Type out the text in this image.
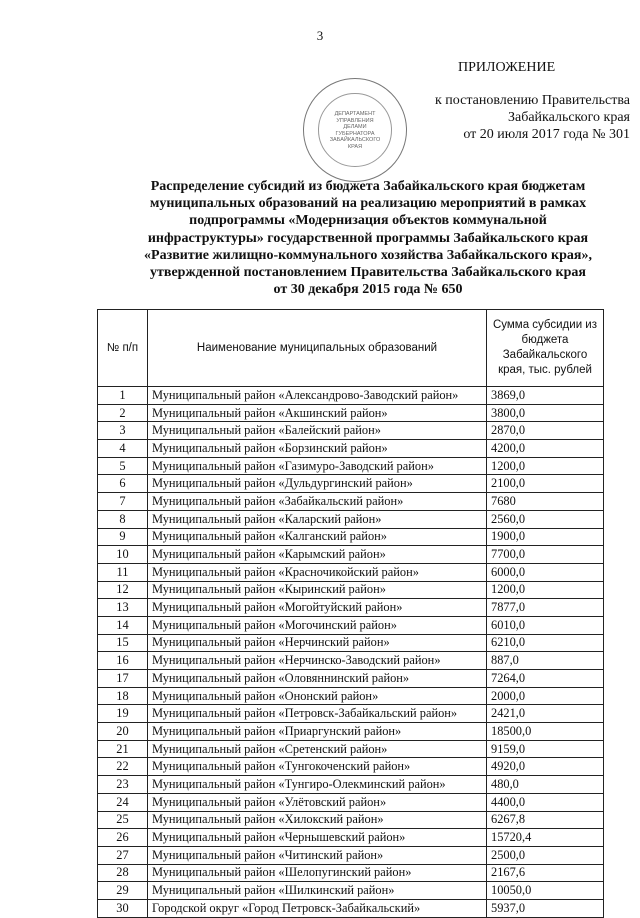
3
ПРИЛОЖЕНИЕ
ДЕПАРТАМЕНТ
УПРАВЛЕНИЯ
ДЕЛАМИ
ГУБЕРНАТОРА
ЗАБАЙКАЛЬСКОГО
КРАЯ
к постановлению Правительства
Забайкальского края
от 20 июля 2017 года № 301
Распределение субсидий из бюджета Забайкальского края бюджетам
муниципальных образований на реализацию мероприятий в рамках
подпрограммы «Модернизация объектов коммунальной
инфраструктуры» государственной программы Забайкальского края
«Развитие жилищно-коммунального хозяйства Забайкальского края»,
утвержденной постановлением Правительства Забайкальского края
от 30 декабря 2015 года № 650
№ п/п	Наименование муниципальных образований	Сумма субсидии из бюджета Забайкальского края, тыс. рублей
1	Муниципальный район «Александрово-Заводский район»	3869,0
2	Муниципальный район «Акшинский район»	3800,0
3	Муниципальный район «Балейский район»	2870,0
4	Муниципальный район «Борзинский район»	4200,0
5	Муниципальный район «Газимуро-Заводский район»	1200,0
6	Муниципальный район «Дульдургинский район»	2100,0
7	Муниципальный район «Забайкальский район»	7680
8	Муниципальный район «Каларский район»	2560,0
9	Муниципальный район «Калганский район»	1900,0
10	Муниципальный район «Карымский район»	7700,0
11	Муниципальный район «Красночикойский район»	6000,0
12	Муниципальный район «Кыринский район»	1200,0
13	Муниципальный район «Могойтуйский район»	7877,0
14	Муниципальный район «Могочинский район»	6010,0
15	Муниципальный район «Нерчинский район»	6210,0
16	Муниципальный район «Нерчинско-Заводский район»	887,0
17	Муниципальный район «Оловяннинский район»	7264,0
18	Муниципальный район «Ононский район»	2000,0
19	Муниципальный район «Петровск-Забайкальский район»	2421,0
20	Муниципальный район «Приаргунский район»	18500,0
21	Муниципальный район «Сретенский район»	9159,0
22	Муниципальный район «Тунгокоченский район»	4920,0
23	Муниципальный район «Тунгиро-Олекминский район»	480,0
24	Муниципальный район «Улётовский район»	4400,0
25	Муниципальный район «Хилокский район»	6267,8
26	Муниципальный район «Чернышевский район»	15720,4
27	Муниципальный район «Читинский район»	2500,0
28	Муниципальный район «Шелопугинский район»	2167,6
29	Муниципальный район «Шилкинский район»	10050,0
30	Городской округ «Город Петровск-Забайкальский»	5937,0
